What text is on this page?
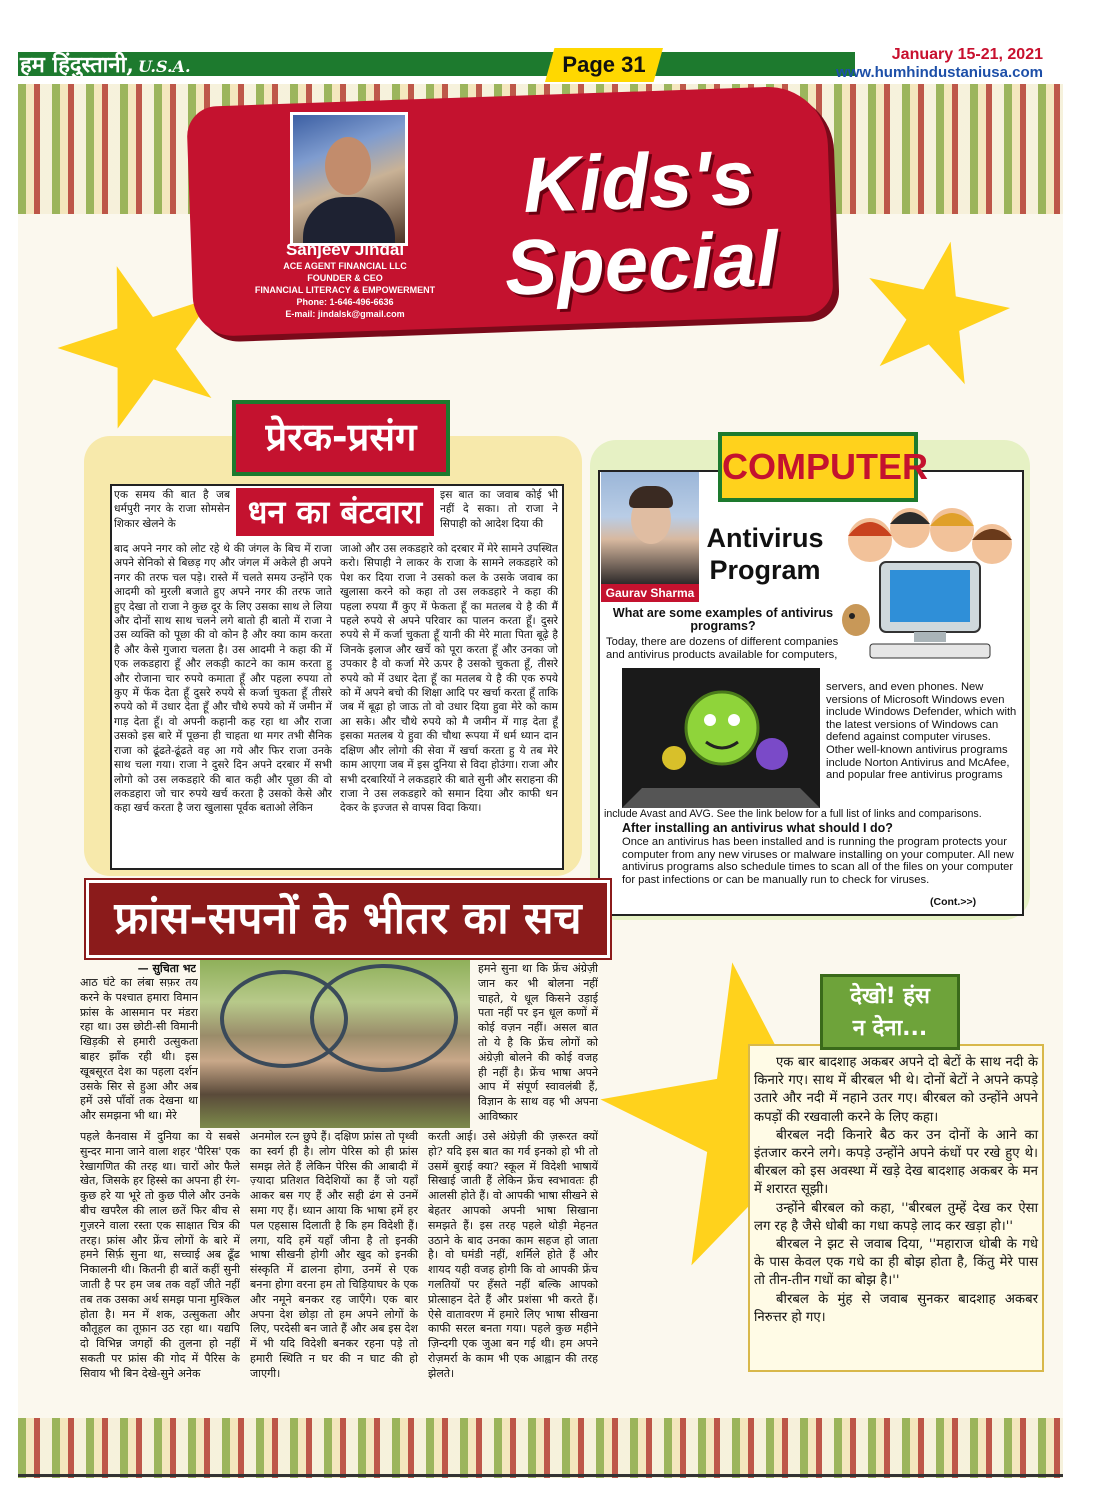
हम हिंदुस्तानी, U.S.A.	Page 31	January 15-21, 2021
www.humhindustaniusa.com
Sanjeev Jindal
ACE AGENT FINANCIAL LLC
FOUNDER & CEO
FINANCIAL LITERACY & EMPOWERMENT
Phone: 1-646-496-6636
E-mail: jindalsk@gmail.com
Kids's
Special
प्रेरक-प्रसंग
धन का बंटवारा
एक समय की बात है जब धर्मपुरी नगर के राजा सोमसेन शिकार खेलने के
इस बात का जवाब कोई भी नहीं दे सका। तो राजा ने सिपाही को आदेश दिया की
बाद अपने नगर को लोट रहे थे की जंगल के बिच में राजा अपने सेनिको से बिछड़ गए और जंगल में अकेले ही अपने नगर की तरफ चल पड़े। रास्ते में चलते समय उन्होंने एक आदमी को मुरली बजाते हुए अपने नगर की तरफ जाते हुए देखा तो राजा ने कुछ दूर के लिए उसका साथ ले लिया और दोनों साथ साथ चलने लगे बातो ही बातो में राजा ने उस व्यक्ति को पूछा की वो कोन है और क्या काम करता है और केसे गुजारा चलता है। उस आदमी ने कहा की में एक लकडहारा हूँ और लकड़ी काटने का काम करता हु और रोजाना चार रुपये कमाता हूँ और पहला रुपया तो कुए में फेंक देता हूँ दुसरे रुपये से कर्जा चुकता हूँ तीसरे रुपये को में उधार देता हूँ और चौथे रुपये को में जमीन में गाड़ देता हूँ। वो अपनी कहानी कह रहा था और राजा उसको इस बारे में पूछना ही चाहता था मगर तभी सैनिक राजा को ढूंढते-ढूंढते वह आ गये और फिर राजा उनके साथ चला गया। राजा ने दुसरे दिन अपने दरबार में सभी लोगो को उस लकडहारे की बात कही और पूछा की वो लकडहारा जो चार रुपये खर्च करता है उसको केसे और कहा खर्च करता है जरा खुलासा पूर्वक बताओ लेकिन
जाओ और उस लकडहारे को दरबार में मेरे सामने उपस्थित करो। सिपाही ने लाकर के राजा के सामने लकडहारे को पेश कर दिया राजा ने उसको कल के उसके जवाब का खुलासा करने को कहा तो उस लकडहारे ने कहा की पहला रुपया मैं कुए में फेकता हूँ का मतलब ये है की मैं पहले रुपये से अपने परिवार का पालन करता हूँ। दुसरे रुपये से में कर्जा चुकता हूँ यानी की मेरे माता पिता बूढ़े है जिनके इलाज और खर्चे को पूरा करता हूँ और उनका जो उपकार है वो कर्जा मेरे ऊपर है उसको चुकता हूँ, तीसरे रुपये को में उधार देता हूँ का मतलब ये है की एक रुपये को में अपने बचो की शिक्षा आदि पर खर्चा करता हूँ ताकि जब में बूढ़ा हो जाऊ तो वो उधार दिया हुवा मेरे को काम आ सके। और चौथे रुपये को मै जमीन में गाड़ देता हूँ इसका मतलब ये हुवा की चौथा रूपया में धर्म ध्यान दान दक्षिण और लोगो की सेवा में खर्चा करता हु ये तब मेरे काम आएगा जब में इस दुनिया से विदा होउंगा। राजा और सभी दरबारियों ने लकडहारे की बाते सुनी और सराहना की राजा ने उस लकडहारे को समान दिया और काफी धन देकर के इज्जत से वापस विदा किया।
COMPUTER
Gaurav Sharma
Antivirus
Program
What are some examples of antivirus programs?
Today, there are dozens of different companies and antivirus products available for computers,
servers, and even phones. New versions of Microsoft Windows even include Windows Defender, which with the latest versions of Windows can defend against computer viruses. Other well-known antivirus programs include Norton Antivirus and McAfee, and popular free antivirus programs
include Avast and AVG. See the link below for a full list of links and comparisons.
After installing an antivirus what should I do?
Once an antivirus has been installed and is running the program protects your computer from any new viruses or malware installing on your computer. All new antivirus programs also schedule times to scan all of the files on your computer for past infections or can be manually run to check for viruses.
(Cont.>>)
फ्रांस-सपनों के भीतर का सच
— सुचिता भट
आठ घंटे का लंबा सफ़र तय करने के पश्चात हमारा विमान फ्रांस के आसमान पर मंडरा रहा था। उस छोटी-सी विमानी खिड़की से हमारी उत्सुकता बाहर झाँक रही थी। इस खूबसूरत देश का पहला दर्शन उसके सिर से हुआ और अब हमें उसे पाँवों तक देखना था और समझना भी था। मेरे
हमने सुना था कि फ्रेंच अंग्रेज़ी जान कर भी बोलना नहीं चाहते, ये धूल किसने उड़ाई पता नहीं पर इन धूल कणों में कोई वज़न नहीं। असल बात तो ये है कि फ्रेंच लोगों को अंग्रेज़ी बोलने की कोई वजह ही नहीं है। फ्रेंच भाषा अपने आप में संपूर्ण स्वावलंबी हैं, विज्ञान के साथ वह भी अपना आविष्कार
पहले कैनवास में दुनिया का ये सबसे सुन्दर माना जाने वाला शहर 'पैरिस' एक रेखागणित की तरह था। चारों ओर फैले खेत, जिसके हर हिस्से का अपना ही रंग- कुछ हरे या भूरे तो कुछ पीले और उनके बीच खपरैल की लाल छतें फिर बीच से गुज़रने वाला रस्ता एक साक्षात चित्र की तरह। फ्रांस और फ्रेंच लोगों के बारे में हमने सिर्फ़ सुना था, सच्चाई अब ढूँढ निकालनी थी। कितनी ही बातें कहीं सुनी जाती है पर हम जब तक वहाँ जीते नहीं तब तक उसका अर्थ समझ पाना मुश्किल होता है। मन में शक, उत्सुकता और कौतूहल का तूफ़ान उठ रहा था। यद्यपि दो विभिन्न जगहों की तुलना हो नहीं सकती पर फ्रांस की गोद में पैरिस के सिवाय भी बिन देखे-सुने अनेक
अनमोल रत्न छुपे हैं। दक्षिण फ्रांस तो पृथ्वी का स्वर्ग ही है। लोग पेरिस को ही फ्रांस समझ लेते हैं लेकिन पेरिस की आबादी में ज़्यादा प्रतिशत विदेशियों का हैं जो यहाँ आकर बस गए हैं और सही ढंग से उनमें समा गए हैं। ध्यान आया कि भाषा हमें हर पल एहसास दिलाती है कि हम विदेशी हैं। लगा, यदि हमें यहाँ जीना है तो इनकी भाषा सीखनी होगी और खुद को इनकी संस्कृति में ढालना होगा, उनमें से एक बनना होगा वरना हम तो चिड़ियाघर के एक और नमूने बनकर रह जाएँगे। एक बार अपना देश छोड़ा तो हम अपने लोगों के लिए, परदेसी बन जाते हैं और अब इस देश में भी यदि विदेशी बनकर रहना पड़े तो हमारी स्थिति न घर की न घाट की हो जाएगी।
करती आई। उसे अंग्रेज़ी की ज़रूरत क्यों हो? यदि इस बात का गर्व इनको हो भी तो उसमें बुराई क्या? स्कूल में विदेशी भाषायें सिखाई जाती हैं लेकिन फ्रेंच स्वभावतः ही आलसी होते हैं। वो आपकी भाषा सीखने से बेहतर आपको अपनी भाषा सिखाना समझते हैं। इस तरह पहले थोड़ी मेहनत उठाने के बाद उनका काम सहज हो जाता है। वो घमंडी नहीं, शर्मिले होते हैं और शायद यही वजह होगी कि वो आपकी फ्रेंच गलतियों पर हँसते नहीं बल्कि आपको प्रोत्साहन देते हैं और प्रशंसा भी करते हैं। ऐसे वातावरण में हमारे लिए भाषा सीखना काफी सरल बनता गया। पहले कुछ महीने ज़िन्दगी एक जुआ बन गई थी। हम अपने रोज़मर्रा के काम भी एक आह्वान की तरह झेलते।
देखो! हंस
न देना...

एक बार बादशाह अकबर अपने दो बेटों के साथ नदी के किनारे गए। साथ में बीरबल भी थे। दोनों बेटों ने अपने कपड़े उतारे और नदी में नहाने उतर गए। बीरबल को उन्होंने अपने कपड़ों की रखवाली करने के लिए कहा।

बीरबल नदी किनारे बैठ कर उन दोनों के आने का इंतजार करने लगे। कपड़े उन्होंने अपने कंधों पर रखे हुए थे। बीरबल को इस अवस्था में खड़े देख बादशाह अकबर के मन में शरारत सूझी।

उन्होंने बीरबल को कहा, ''बीरबल तुम्हें देख कर ऐसा लग रह है जैसे धोबी का गधा कपड़े लाद कर खड़ा हो।''

बीरबल ने झट से जवाब दिया, ''महाराज धोबी के गधे के पास केवल एक गधे का ही बोझ होता है, किंतु मेरे पास तो तीन-तीन गधों का बोझ है।''

बीरबल के मुंह से जवाब सुनकर बादशाह अकबर निरुत्तर हो गए।
